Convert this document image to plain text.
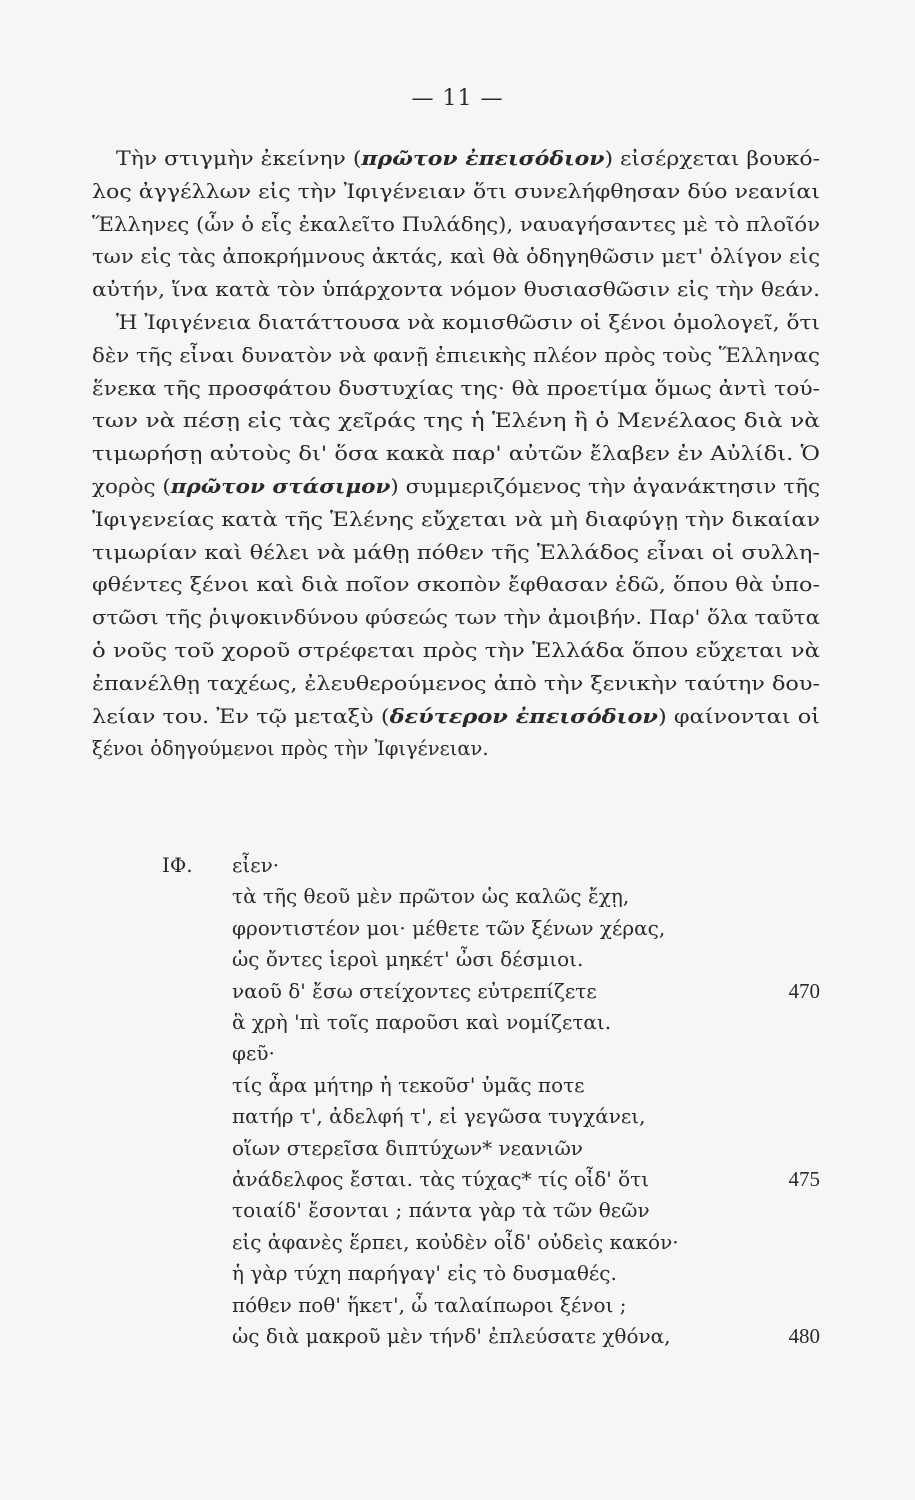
— 11 —
Τὴν στιγμὴν ἐκείνην (πρῶτον ἐπεισόδιον) εἰσέρχεται βουκό-
λος ἀγγέλλων εἰς τὴν Ἰφιγένειαν ὅτι συνελήφθησαν δύο νεανίαι
Ἕλληνες (ὧν ὁ εἷς ἐκαλεῖτο Πυλάδης), ναυαγήσαντες μὲ τὸ πλοῖόν
των εἰς τὰς ἀποκρήμνους ἀκτάς, καὶ θὰ ὁδηγηθῶσιν μετ' ὀλίγον εἰς
αὐτήν, ἵνα κατὰ τὸν ὑπάρχοντα νόμον θυσιασθῶσιν εἰς τὴν θεάν.
Ἡ Ἰφιγένεια διατάττουσα νὰ κομισθῶσιν οἱ ξένοι ὁμολογεῖ, ὅτι
δὲν τῆς εἶναι δυνατὸν νὰ φανῇ ἐπιεικὴς πλέον πρὸς τοὺς Ἕλληνας
ἕνεκα τῆς προσφάτου δυστυχίας της· θὰ προετίμα ὅμως ἀντὶ τού-
των νὰ πέσῃ εἰς τὰς χεῖράς της ἡ Ἑλένη ἢ ὁ Μενέλαος διὰ νὰ
τιμωρήσῃ αὐτοὺς δι' ὅσα κακὰ παρ' αὐτῶν ἔλαβεν ἐν Αὐλίδι. Ὁ
χορὸς (πρῶτον στάσιμον) συμμεριζόμενος τὴν ἀγανάκτησιν τῆς
Ἰφιγενείας κατὰ τῆς Ἑλένης εὔχεται νὰ μὴ διαφύγῃ τὴν δικαίαν
τιμωρίαν καὶ θέλει νὰ μάθῃ πόθεν τῆς Ἑλλάδος εἶναι οἱ συλλη-
φθέντες ξένοι καὶ διὰ ποῖον σκοπὸν ἔφθασαν ἐδῶ, ὅπου θὰ ὑπο-
στῶσι τῆς ῥιψοκινδύνου φύσεώς των τὴν ἀμοιβήν. Παρ' ὅλα ταῦτα
ὁ νοῦς τοῦ χοροῦ στρέφεται πρὸς τὴν Ἑλλάδα ὅπου εὔχεται νὰ
ἐπανέλθῃ ταχέως, ἐλευθερούμενος ἀπὸ τὴν ξενικὴν ταύτην δου-
λείαν του. Ἐν τῷ μεταξὺ (δεύτερον ἐπεισόδιον) φαίνονται οἱ
ξένοι ὁδηγούμενοι πρὸς τὴν Ἰφιγένειαν.
ΙΦ. εἶεν·
τὰ τῆς θεοῦ μὲν πρῶτον ὡς καλῶς ἔχῃ,
φροντιστέον μοι· μέθετε τῶν ξένων χέρας,
ὡς ὄντες ἱεροὶ μηκέτ' ὦσι δέσμιοι.
ναοῦ δ' ἔσω στείχοντες εὐτρεπίζετε	470
ἃ χρὴ 'πὶ τοῖς παροῦσι καὶ νομίζεται.
φεῦ·
τίς ἆρα μήτηρ ἡ τεκοῦσ' ὑμᾶς ποτε
πατήρ τ', ἀδελφή τ', εἰ γεγῶσα τυγχάνει,
οἵων στερεῖσα διπτύχων* νεανιῶν
ἀνάδελφος ἔσται. τὰς τύχας* τίς οἶδ' ὅτι	475
τοιαίδ' ἔσονται ; πάντα γὰρ τὰ τῶν θεῶν
εἰς ἀφανὲς ἕρπει, κοὐδὲν οἶδ' οὐδεὶς κακόν·
ἡ γὰρ τύχη παρήγαγ' εἰς τὸ δυσμαθές.
πόθεν ποθ' ἥκετ', ὦ ταλαίπωροι ξένοι ;
ὡς διὰ μακροῦ μὲν τήνδ' ἐπλεύσατε χθόνα,	480
